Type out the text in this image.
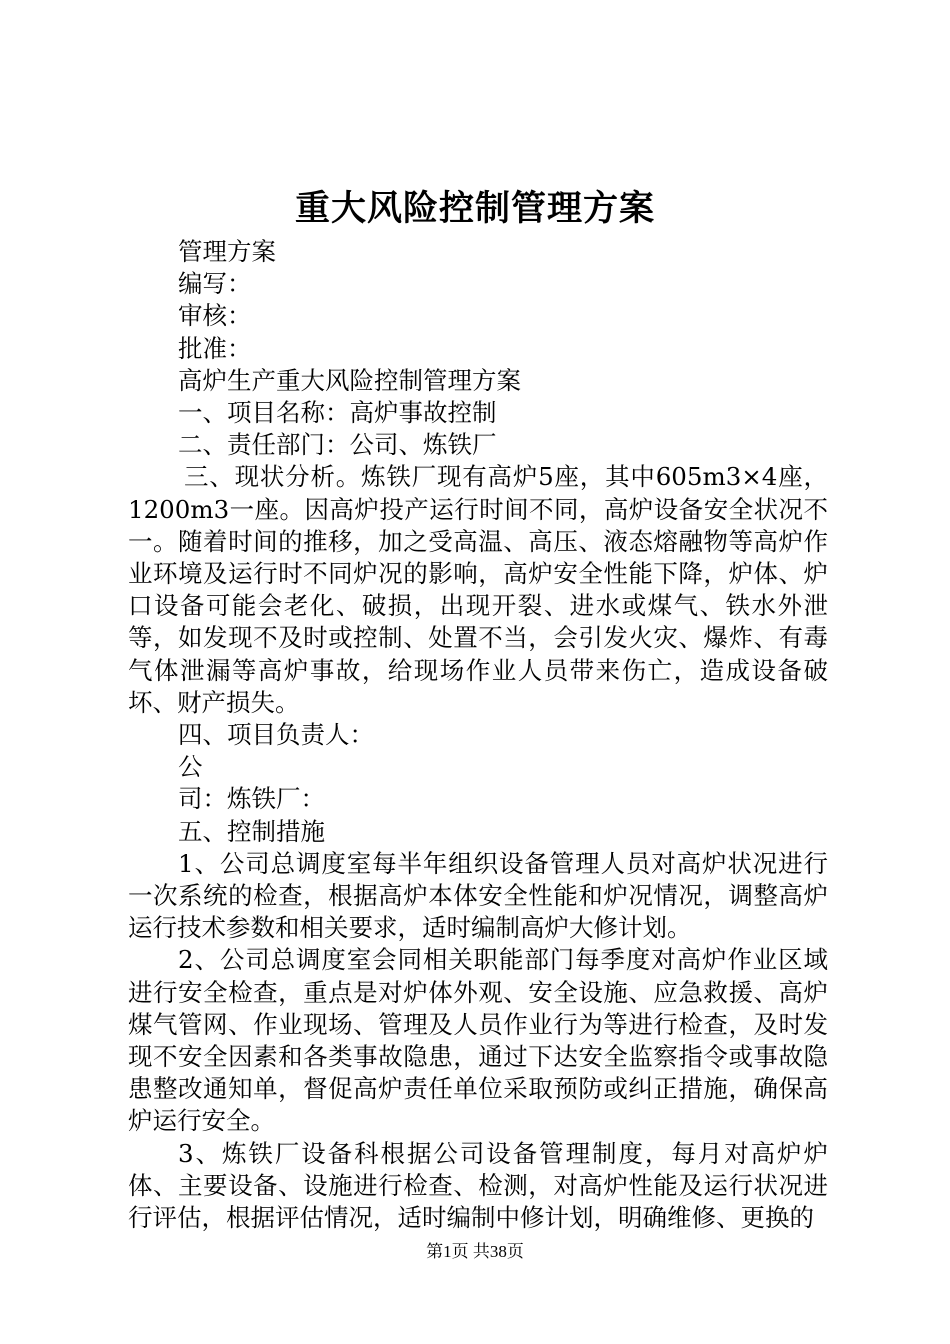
重大风险控制管理方案

管理方案

编写：

审核：

批准：

高炉生产重大风险控制管理方案

一、项目名称：高炉事故控制

二、责任部门：公司、炼铁厂

三、现状分析。炼铁厂现有高炉5座，其中605m3×4座，1200m3一座。因高炉投产运行时间不同，高炉设备安全状况不一。随着时间的推移，加之受高温、高压、液态熔融物等高炉作业环境及运行时不同炉况的影响，高炉安全性能下降，炉体、炉口设备可能会老化、破损，出现开裂、进水或煤气、铁水外泄等，如发现不及时或控制、处置不当，会引发火灾、爆炸、有毒气体泄漏等高炉事故，给现场作业人员带来伤亡，造成设备破坏、财产损失。

四、项目负责人：

公

司：炼铁厂：

五、控制措施

1、公司总调度室每半年组织设备管理人员对高炉状况进行一次系统的检查，根据高炉本体安全性能和炉况情况，调整高炉运行技术参数和相关要求，适时编制高炉大修计划。

2、公司总调度室会同相关职能部门每季度对高炉作业区域进行安全检查，重点是对炉体外观、安全设施、应急救援、高炉煤气管网、作业现场、管理及人员作业行为等进行检查，及时发现不安全因素和各类事故隐患，通过下达安全监察指令或事故隐患整改通知单，督促高炉责任单位采取预防或纠正措施，确保高炉运行安全。

3、炼铁厂设备科根据公司设备管理制度，每月对高炉炉体、主要设备、设施进行检查、检测，对高炉性能及运行状况进行评估，根据评估情况，适时编制中修计划，明确维修、更换的

第1页 共38页
